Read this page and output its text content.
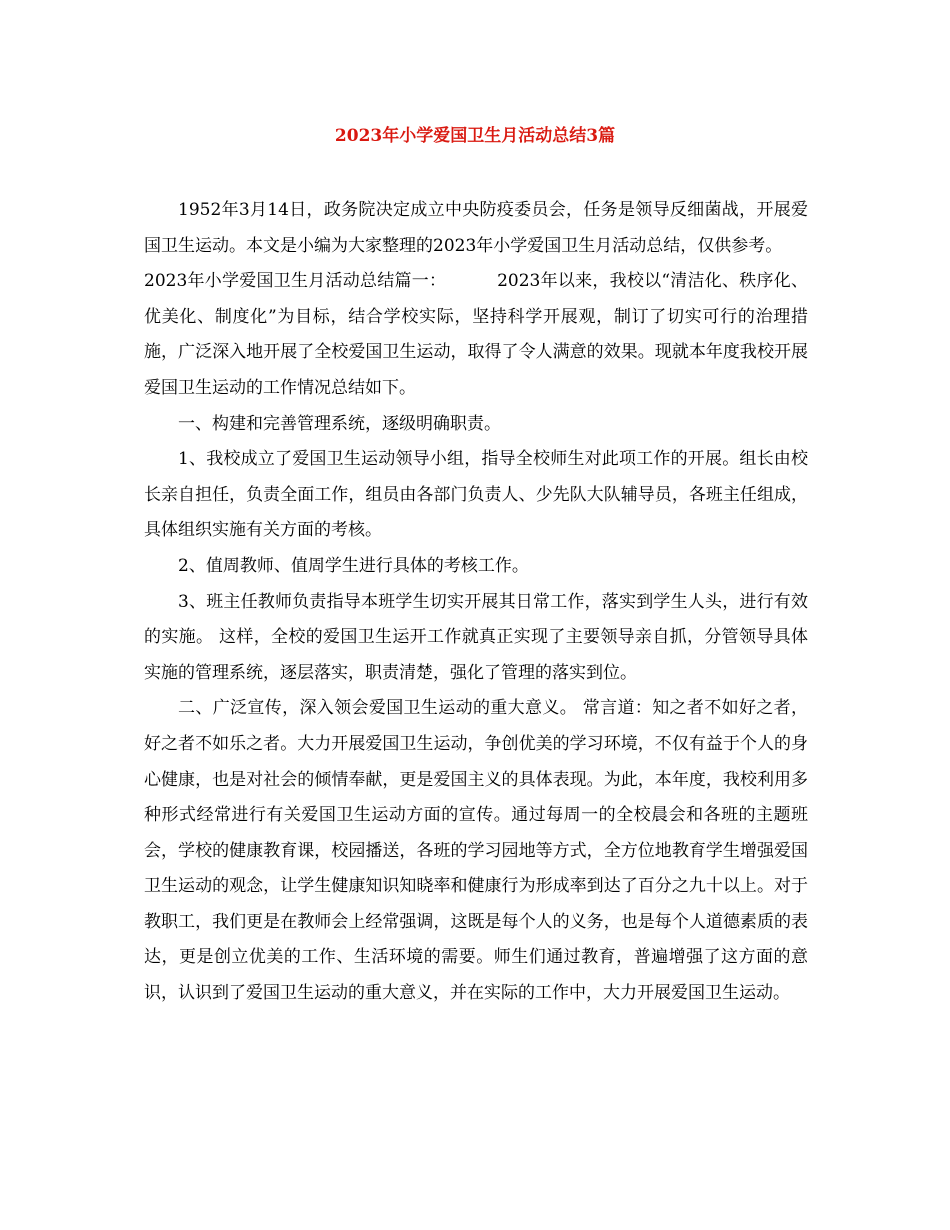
2023年小学爱国卫生月活动总结3篇

1952年3月14日，政务院决定成立中央防疫委员会，任务是领导反细菌战，开展爱国卫生运动。本文是小编为大家整理的2023年小学爱国卫生月活动总结，仅供参考。

2023年小学爱国卫生月活动总结篇一：	2023年以来，我校以“清洁化、秩序化、优美化、制度化”为目标，结合学校实际，坚持科学开展观，制订了切实可行的治理措施，广泛深入地开展了全校爱国卫生运动，取得了令人满意的效果。现就本年度我校开展爱国卫生运动的工作情况总结如下。

一、构建和完善管理系统，逐级明确职责。

1、我校成立了爱国卫生运动领导小组，指导全校师生对此项工作的开展。组长由校长亲自担任，负责全面工作，组员由各部门负责人、少先队大队辅导员，各班主任组成，具体组织实施有关方面的考核。

2、值周教师、值周学生进行具体的考核工作。

3、班主任教师负责指导本班学生切实开展其日常工作，落实到学生人头，进行有效的实施。 这样，全校的爱国卫生运开工作就真正实现了主要领导亲自抓，分管领导具体实施的管理系统，逐层落实，职责清楚，强化了管理的落实到位。

二、广泛宣传，深入领会爱国卫生运动的重大意义。 常言道：知之者不如好之者，好之者不如乐之者。大力开展爱国卫生运动，争创优美的学习环境，不仅有益于个人的身心健康，也是对社会的倾情奉献，更是爱国主义的具体表现。为此，本年度，我校利用多种形式经常进行有关爱国卫生运动方面的宣传。通过每周一的全校晨会和各班的主题班会，学校的健康教育课，校园播送，各班的学习园地等方式，全方位地教育学生增强爱国卫生运动的观念，让学生健康知识知晓率和健康行为形成率到达了百分之九十以上。对于教职工，我们更是在教师会上经常强调，这既是每个人的义务，也是每个人道德素质的表达，更是创立优美的工作、生活环境的需要。师生们通过教育，普遍增强了这方面的意识，认识到了爱国卫生运动的重大意义，并在实际的工作中，大力开展爱国卫生运动。
